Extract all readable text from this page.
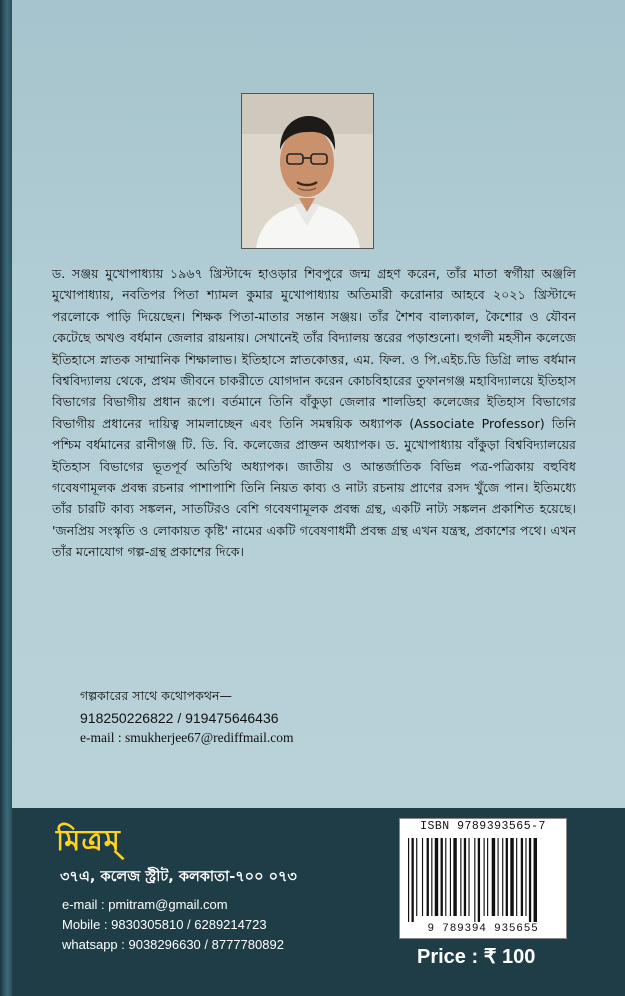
ড. সঞ্জয় মুখোপাধ্যায় ১৯৬৭ খ্রিস্টাব্দে হাওড়ার শিবপুরে জন্ম গ্রহণ করেন, তাঁর মাতা স্বর্গীয়া অঞ্জলি মুখোপাধ্যায়, নবতিপর পিতা শ্যামল কুমার মুখোপাধ্যায় অতিমারী করোনার আহবে ২০২১ খ্রিস্টাব্দে পরলোকে পাড়ি দিয়েছেন। শিক্ষক পিতা-মাতার সন্তান সঞ্জয়। তাঁর শৈশব বাল্যকাল, কৈশোর ও যৌবন কেটেছে অখণ্ড বর্ধমান জেলার রায়নায়। সেখানেই তাঁর বিদ্যালয় স্তরের পড়াশুনো। হুগলী মহসীন কলেজে ইতিহাসে স্নাতক সাম্মানিক শিক্ষালাভ। ইতিহাসে স্নাতকোত্তর, এম. ফিল. ও পি.এইচ.ডি ডিগ্রি লাভ বর্ধমান বিশ্ববিদ্যালয় থেকে, প্রথম জীবনে চাকরীতে যোগদান করেন কোচবিহারের তুফানগঞ্জ মহাবিদ্যালয়ে ইতিহাস বিভাগের বিভাগীয় প্রধান রূপে। বর্তমানে তিনি বাঁকুড়া জেলার শালডিহা কলেজের ইতিহাস বিভাগের বিভাগীয় প্রধানের দায়িত্ব সামলাচ্ছেন এবং তিনি সমন্বয়িক অধ্যাপক (Associate Professor) তিনি পশ্চিম বর্ধমানের রানীগঞ্জ টি. ডি. বি. কলেজের প্রাক্তন অধ্যাপক। ড. মুখোপাধ্যায় বাঁকুড়া বিশ্ববিদ্যালয়ের ইতিহাস বিভাগের ভূতপূর্ব অতিথি অধ্যাপক। জাতীয় ও আন্তর্জাতিক বিভিন্ন পত্র-পত্রিকায় বহুবিধ গবেষণামূলক প্রবন্ধ রচনার পাশাপাশি তিনি নিয়ত কাব্য ও নাট্য রচনায় প্রাণের রসদ খুঁজে পান। ইতিমধ্যে তাঁর চারটি কাব্য সঙ্কলন, সাতটিরও বেশি গবেষণামূলক প্রবন্ধ গ্রন্থ, একটি নাট্য সঙ্কলন প্রকাশিত হয়েছে। 'জনপ্রিয় সংস্কৃতি ও লোকায়ত কৃষ্টি' নামের একটি গবেষণাধর্মী প্রবন্ধ গ্রন্থ এখন যন্ত্রস্থ, প্রকাশের পথে। এখন তাঁর মনোযোগ গল্প-গ্রন্থ প্রকাশের দিকে।

গল্পকারের সাথে কথোপকথন—
918250226822 / 919475646436
e-mail : smukherjee67@rediffmail.com
মিত্রম্
৩৭এ, কলেজ স্ট্রীট, কলকাতা-৭০০ ০৭৩
e-mail : pmitram@gmail.com
Mobile : 9830305810 / 6289214723
whatsapp : 9038296630 / 8777780892
ISBN 9789393565-7
9 789394 935655
Price : ₹ 100
